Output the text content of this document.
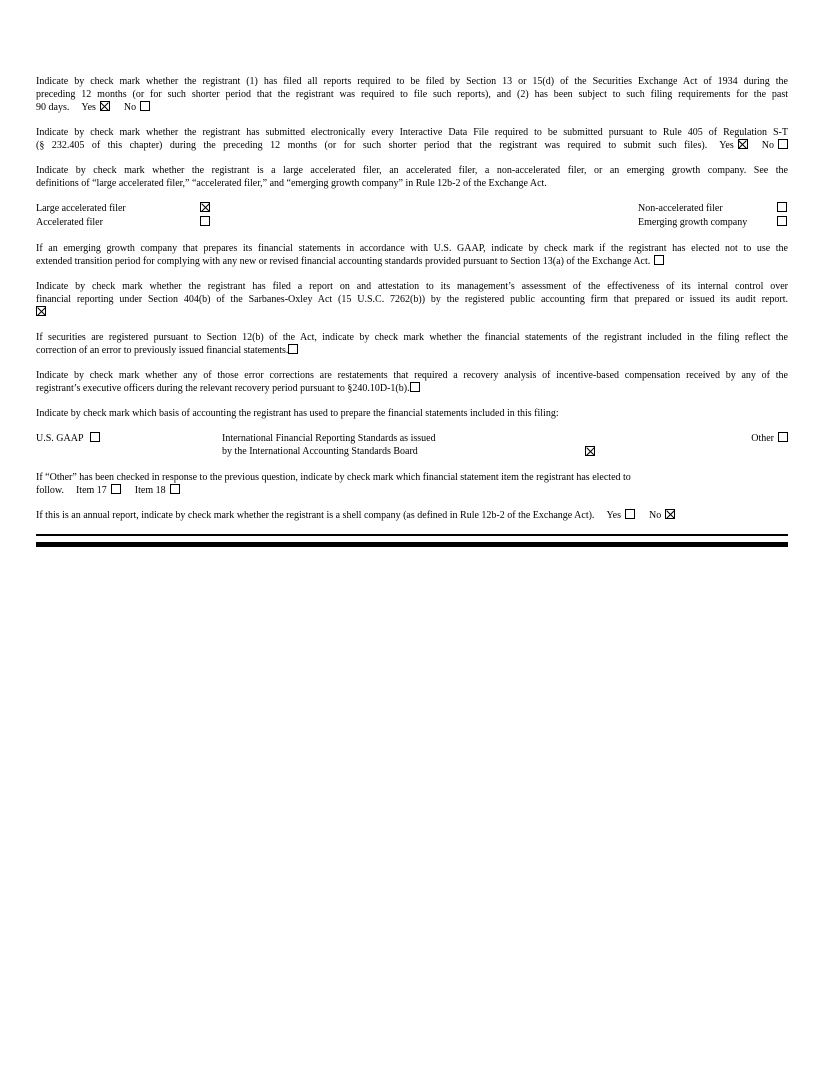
Indicate by check mark whether the registrant (1) has filed all reports required to be filed by Section 13 or 15(d) of the Securities Exchange Act of 1934 during the
preceding 12 months (or for such shorter period that the registrant was required to file such reports), and (2) has been subject to such filing requirements for the past
90 days. Yes	No
Indicate by check mark whether the registrant has submitted electronically every Interactive Data File required to be submitted pursuant to Rule 405 of Regulation S-T
(§ 232.405 of this chapter) during the preceding 12 months (or for such shorter period that the registrant was required to submit such files). Yes	No
Indicate by check mark whether the registrant is a large accelerated filer, an accelerated filer, a non-accelerated filer, or an emerging growth company. See the
definitions of “large accelerated filer,” “accelerated filer,” and “emerging growth company” in Rule 12b-2 of the Exchange Act.
Large accelerated filer	Non-accelerated filer
Accelerated filer	Emerging growth company
If an emerging growth company that prepares its financial statements in accordance with U.S. GAAP, indicate by check mark if the registrant has elected not to use the
extended transition period for complying with any new or revised financial accounting standards provided pursuant to Section 13(a) of the Exchange Act.
Indicate by check mark whether the registrant has filed a report on and attestation to its management’s assessment of the effectiveness of its internal control over
financial reporting under Section 404(b) of the Sarbanes-Oxley Act (15 U.S.C. 7262(b)) by the registered public accounting firm that prepared or issued its audit report.
If securities are registered pursuant to Section 12(b) of the Act, indicate by check mark whether the financial statements of the registrant included in the filing reflect the
correction of an error to previously issued financial statements.
Indicate by check mark whether any of those error corrections are restatements that required a recovery analysis of incentive-based compensation received by any of the
registrant’s executive officers during the relevant recovery period pursuant to §240.10D-1(b).
Indicate by check mark which basis of accounting the registrant has used to prepare the financial statements included in this filing:
U.S. GAAP	International Financial Reporting Standards as issued
by the International Accounting Standards Board
Other
If “Other” has been checked in response to the previous question, indicate by check mark which financial statement item the registrant has elected to
follow. Item 17	Item 18
If this is an annual report, indicate by check mark whether the registrant is a shell company (as defined in Rule 12b-2 of the Exchange Act). Yes	No
